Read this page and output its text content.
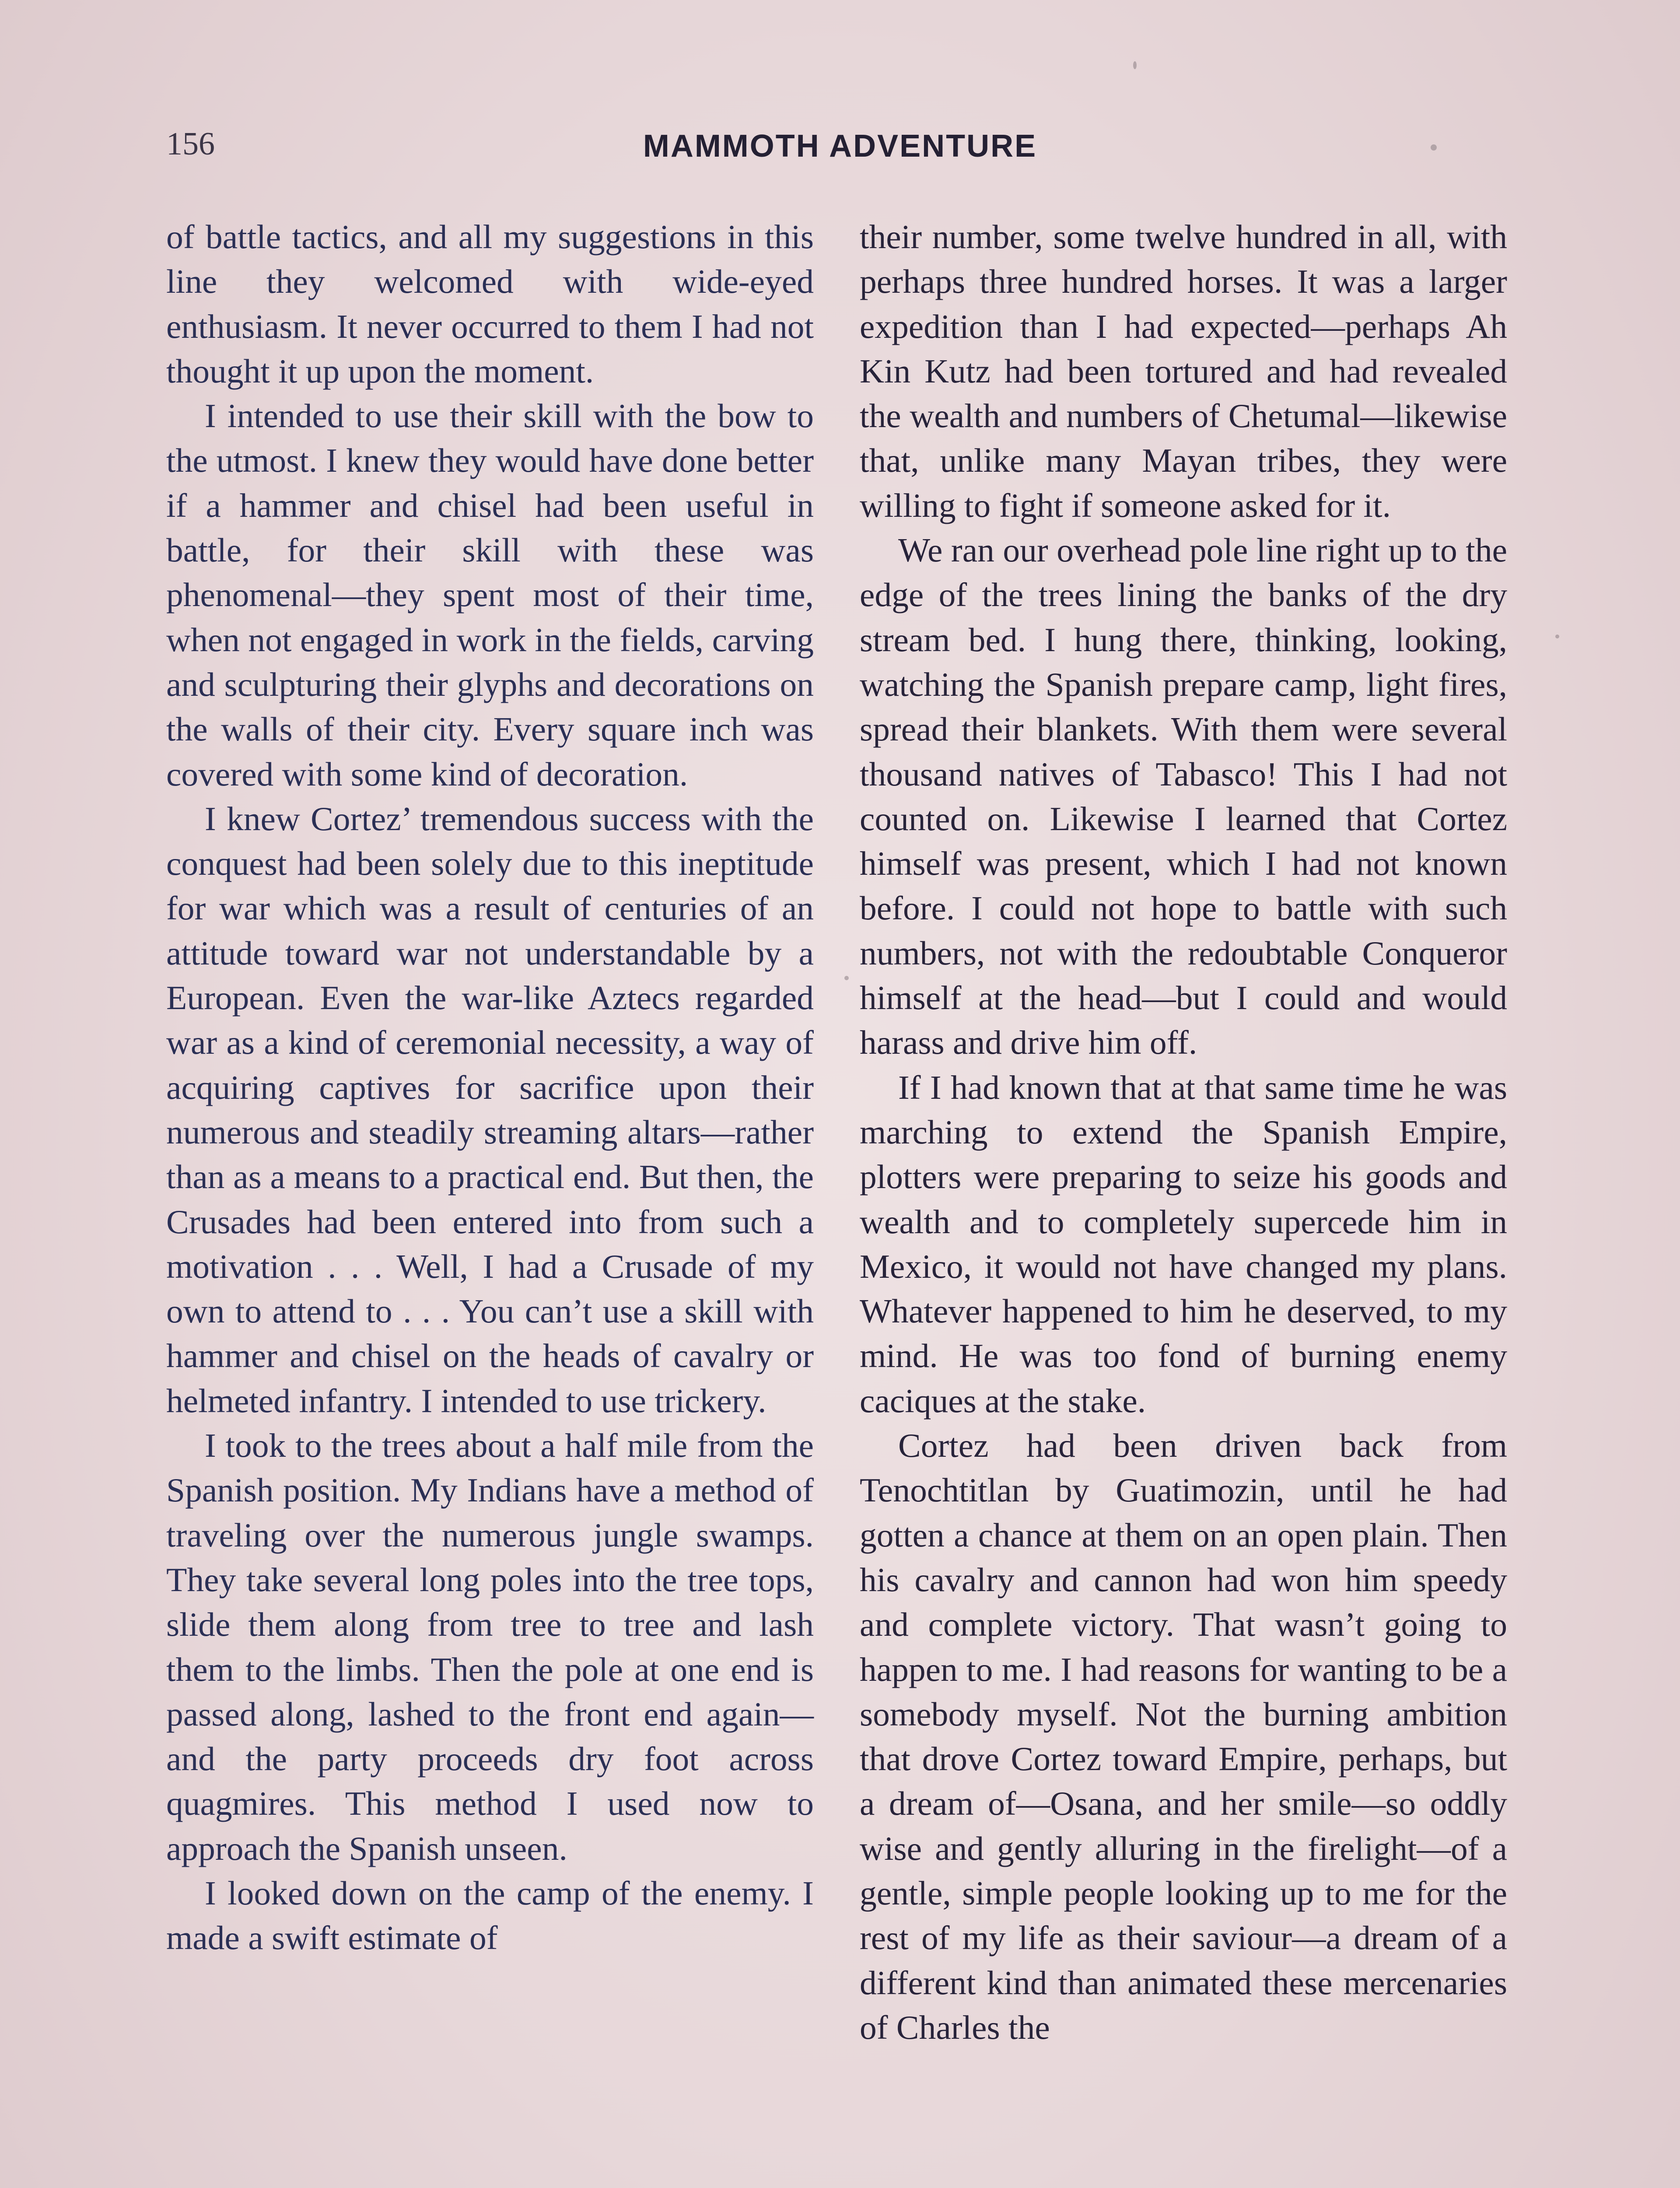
156	MAMMOTH ADVENTURE

of battle tactics, and all my suggestions in this line they welcomed with wide-eyed enthusiasm. It never occurred to them I had not thought it up upon the moment.

I intended to use their skill with the bow to the utmost. I knew they would have done better if a hammer and chisel had been useful in battle, for their skill with these was phenomenal—they spent most of their time, when not engaged in work in the fields, carving and sculpturing their glyphs and decorations on the walls of their city. Every square inch was covered with some kind of decoration.

I knew Cortez’ tremendous success with the conquest had been solely due to this ineptitude for war which was a result of centuries of an attitude toward war not understandable by a European. Even the war-like Aztecs regarded war as a kind of ceremonial necessity, a way of acquiring captives for sacrifice upon their numerous and steadily streaming altars—rather than as a means to a practical end. But then, the Crusades had been entered into from such a motivation . . . Well, I had a Crusade of my own to attend to . . . You can’t use a skill with hammer and chisel on the heads of cavalry or helmeted infantry. I intended to use trickery.

I took to the trees about a half mile from the Spanish position. My Indians have a method of traveling over the numerous jungle swamps. They take several long poles into the tree tops, slide them along from tree to tree and lash them to the limbs. Then the pole at one end is passed along, lashed to the front end again—and the party proceeds dry foot across quagmires. This method I used now to approach the Spanish unseen.

I looked down on the camp of the enemy. I made a swift estimate of

their number, some twelve hundred in all, with perhaps three hundred horses. It was a larger expedition than I had expected—perhaps Ah Kin Kutz had been tortured and had revealed the wealth and numbers of Chetumal—likewise that, unlike many Mayan tribes, they were willing to fight if someone asked for it.

We ran our overhead pole line right up to the edge of the trees lining the banks of the dry stream bed. I hung there, thinking, looking, watching the Spanish prepare camp, light fires, spread their blankets. With them were several thousand natives of Tabasco! This I had not counted on. Likewise I learned that Cortez himself was present, which I had not known before. I could not hope to battle with such numbers, not with the redoubtable Conqueror himself at the head—but I could and would harass and drive him off.

If I had known that at that same time he was marching to extend the Spanish Empire, plotters were preparing to seize his goods and wealth and to completely supercede him in Mexico, it would not have changed my plans. Whatever happened to him he deserved, to my mind. He was too fond of burning enemy caciques at the stake.

Cortez had been driven back from Tenochtitlan by Guatimozin, until he had gotten a chance at them on an open plain. Then his cavalry and cannon had won him speedy and complete victory. That wasn’t going to happen to me. I had reasons for wanting to be a somebody myself. Not the burning ambition that drove Cortez toward Empire, perhaps, but a dream of—Osana, and her smile—so oddly wise and gently alluring in the firelight—of a gentle, simple people looking up to me for the rest of my life as their saviour—a dream of a different kind than animated these mercenaries of Charles the
